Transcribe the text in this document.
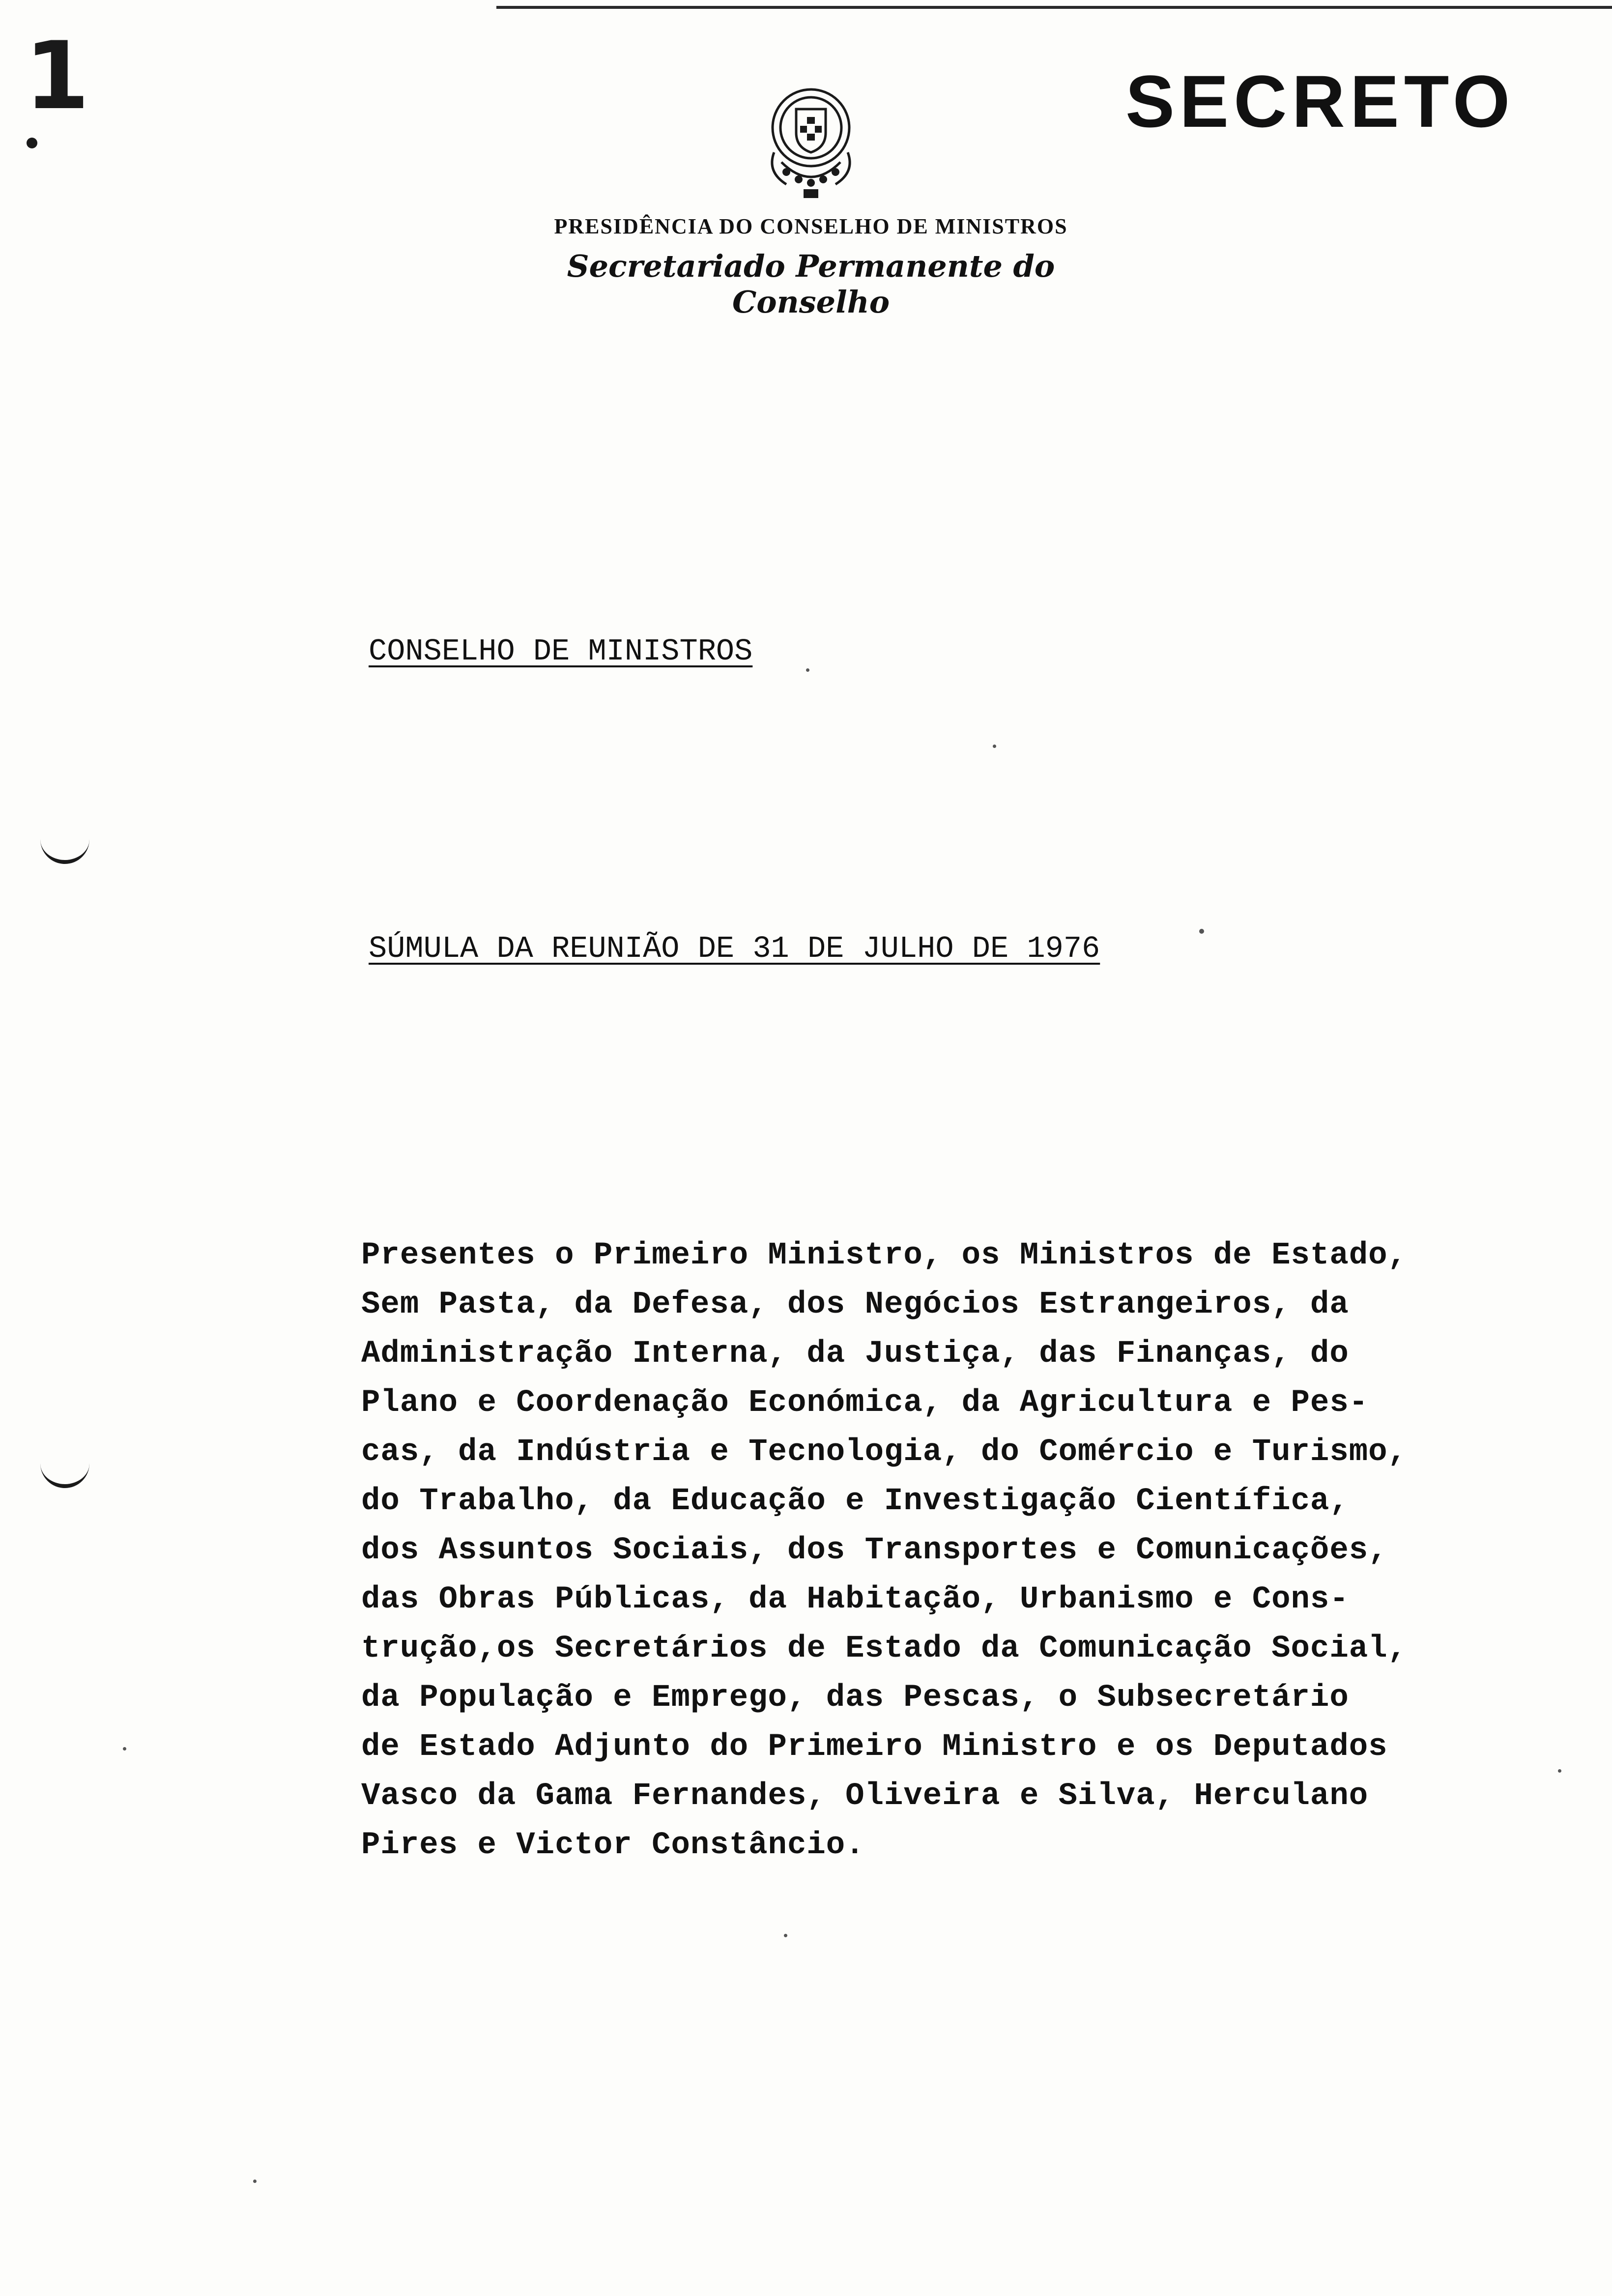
1	SECRETO
PRESIDÊNCIA DO CONSELHO DE MINISTROS
Secretariado Permanente do Conselho
CONSELHO DE MINISTROS
SÚMULA DA REUNIÃO DE 31 DE JULHO DE 1976
Presentes o Primeiro Ministro, os Ministros de Estado,
Sem Pasta, da Defesa, dos Negócios Estrangeiros, da
Administração Interna, da Justiça, das Finanças, do
Plano e Coordenação Económica, da Agricultura e Pes-
cas, da Indústria e Tecnologia, do Comércio e Turismo,
do Trabalho, da Educação e Investigação Científica,
dos Assuntos Sociais, dos Transportes e Comunicações,
das Obras Públicas, da Habitação, Urbanismo e Cons-
trução,os Secretários de Estado da Comunicação Social,
da População e Emprego, das Pescas, o Subsecretário
de Estado Adjunto do Primeiro Ministro e os Deputados
Vasco da Gama Fernandes, Oliveira e Silva, Herculano
Pires e Victor Constâncio.
